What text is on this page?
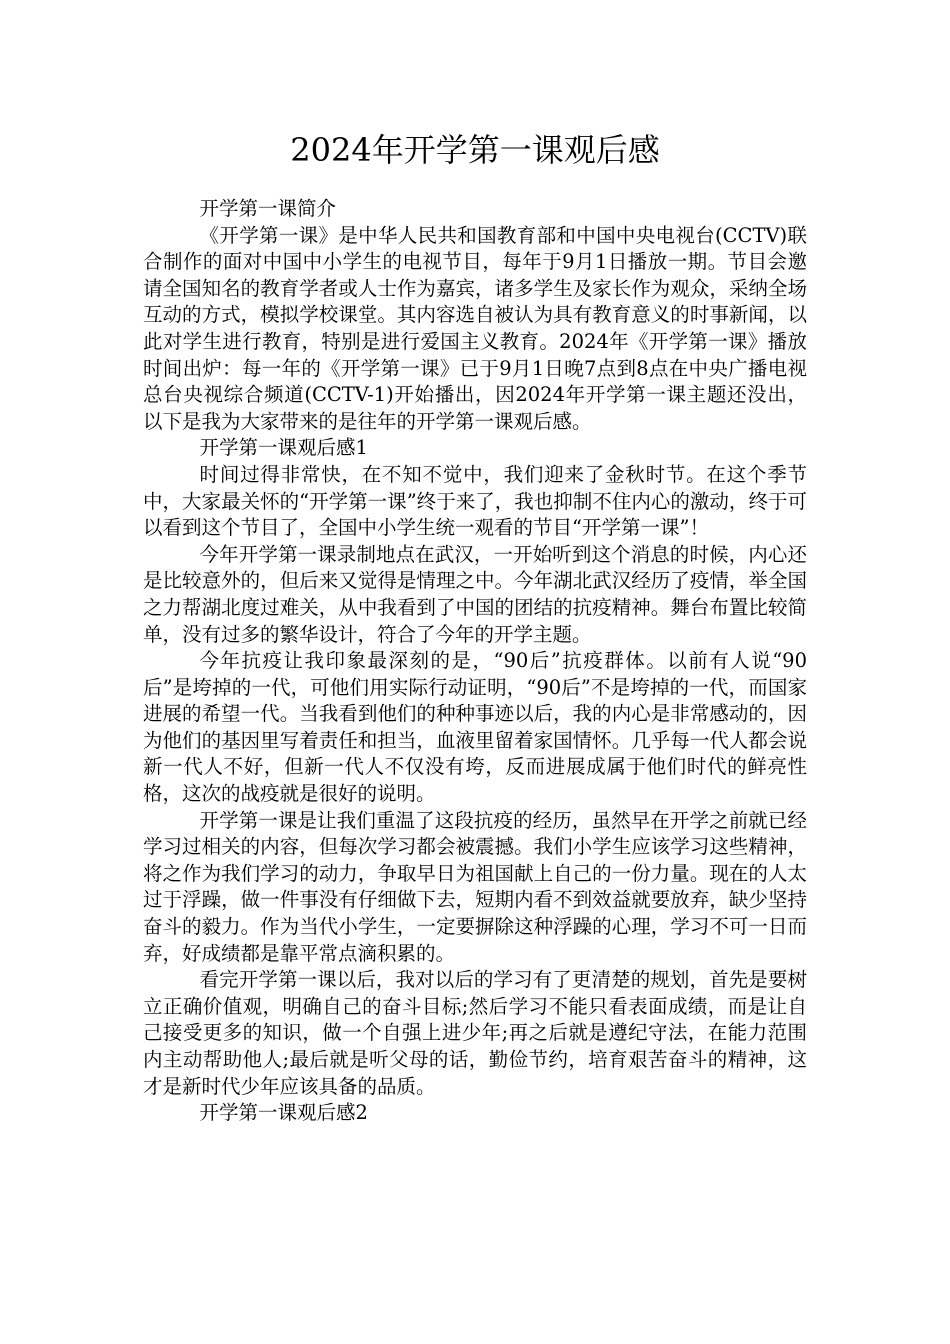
2024年开学第一课观后感

开学第一课简介

《开学第一课》是中华人民共和国教育部和中国中央电视台(CCTV)联合制作的面对中国中小学生的电视节目，每年于9月1日播放一期。节目会邀请全国知名的教育学者或人士作为嘉宾，诸多学生及家长作为观众，采纳全场互动的方式，模拟学校课堂。其内容选自被认为具有教育意义的时事新闻，以此对学生进行教育，特别是进行爱国主义教育。2024年《开学第一课》播放时间出炉：每一年的《开学第一课》已于9月1日晚7点到8点在中央广播电视总台央视综合频道(CCTV-1)开始播出，因2024年开学第一课主题还没出，以下是我为大家带来的是往年的开学第一课观后感。

开学第一课观后感1

时间过得非常快，在不知不觉中，我们迎来了金秋时节。在这个季节中，大家最关怀的“开学第一课”终于来了，我也抑制不住内心的激动，终于可以看到这个节目了，全国中小学生统一观看的节目“开学第一课”！

今年开学第一课录制地点在武汉，一开始听到这个消息的时候，内心还是比较意外的，但后来又觉得是情理之中。今年湖北武汉经历了疫情，举全国之力帮湖北度过难关，从中我看到了中国的团结的抗疫精神。舞台布置比较简单，没有过多的繁华设计，符合了今年的开学主题。

今年抗疫让我印象最深刻的是，“90后”抗疫群体。以前有人说“90后”是垮掉的一代，可他们用实际行动证明，“90后”不是垮掉的一代，而国家进展的希望一代。当我看到他们的种种事迹以后，我的内心是非常感动的，因为他们的基因里写着责任和担当，血液里留着家国情怀。几乎每一代人都会说新一代人不好，但新一代人不仅没有垮，反而进展成属于他们时代的鲜亮性格，这次的战疫就是很好的说明。

开学第一课是让我们重温了这段抗疫的经历，虽然早在开学之前就已经学习过相关的内容，但每次学习都会被震撼。我们小学生应该学习这些精神，将之作为我们学习的动力，争取早日为祖国献上自己的一份力量。现在的人太过于浮躁，做一件事没有仔细做下去，短期内看不到效益就要放弃，缺少坚持奋斗的毅力。作为当代小学生，一定要摒除这种浮躁的心理，学习不可一日而弃，好成绩都是靠平常点滴积累的。

看完开学第一课以后，我对以后的学习有了更清楚的规划，首先是要树立正确价值观，明确自己的奋斗目标;然后学习不能只看表面成绩，而是让自己接受更多的知识，做一个自强上进少年;再之后就是遵纪守法，在能力范围内主动帮助他人;最后就是听父母的话，勤俭节约，培育艰苦奋斗的精神，这才是新时代少年应该具备的品质。

开学第一课观后感2
